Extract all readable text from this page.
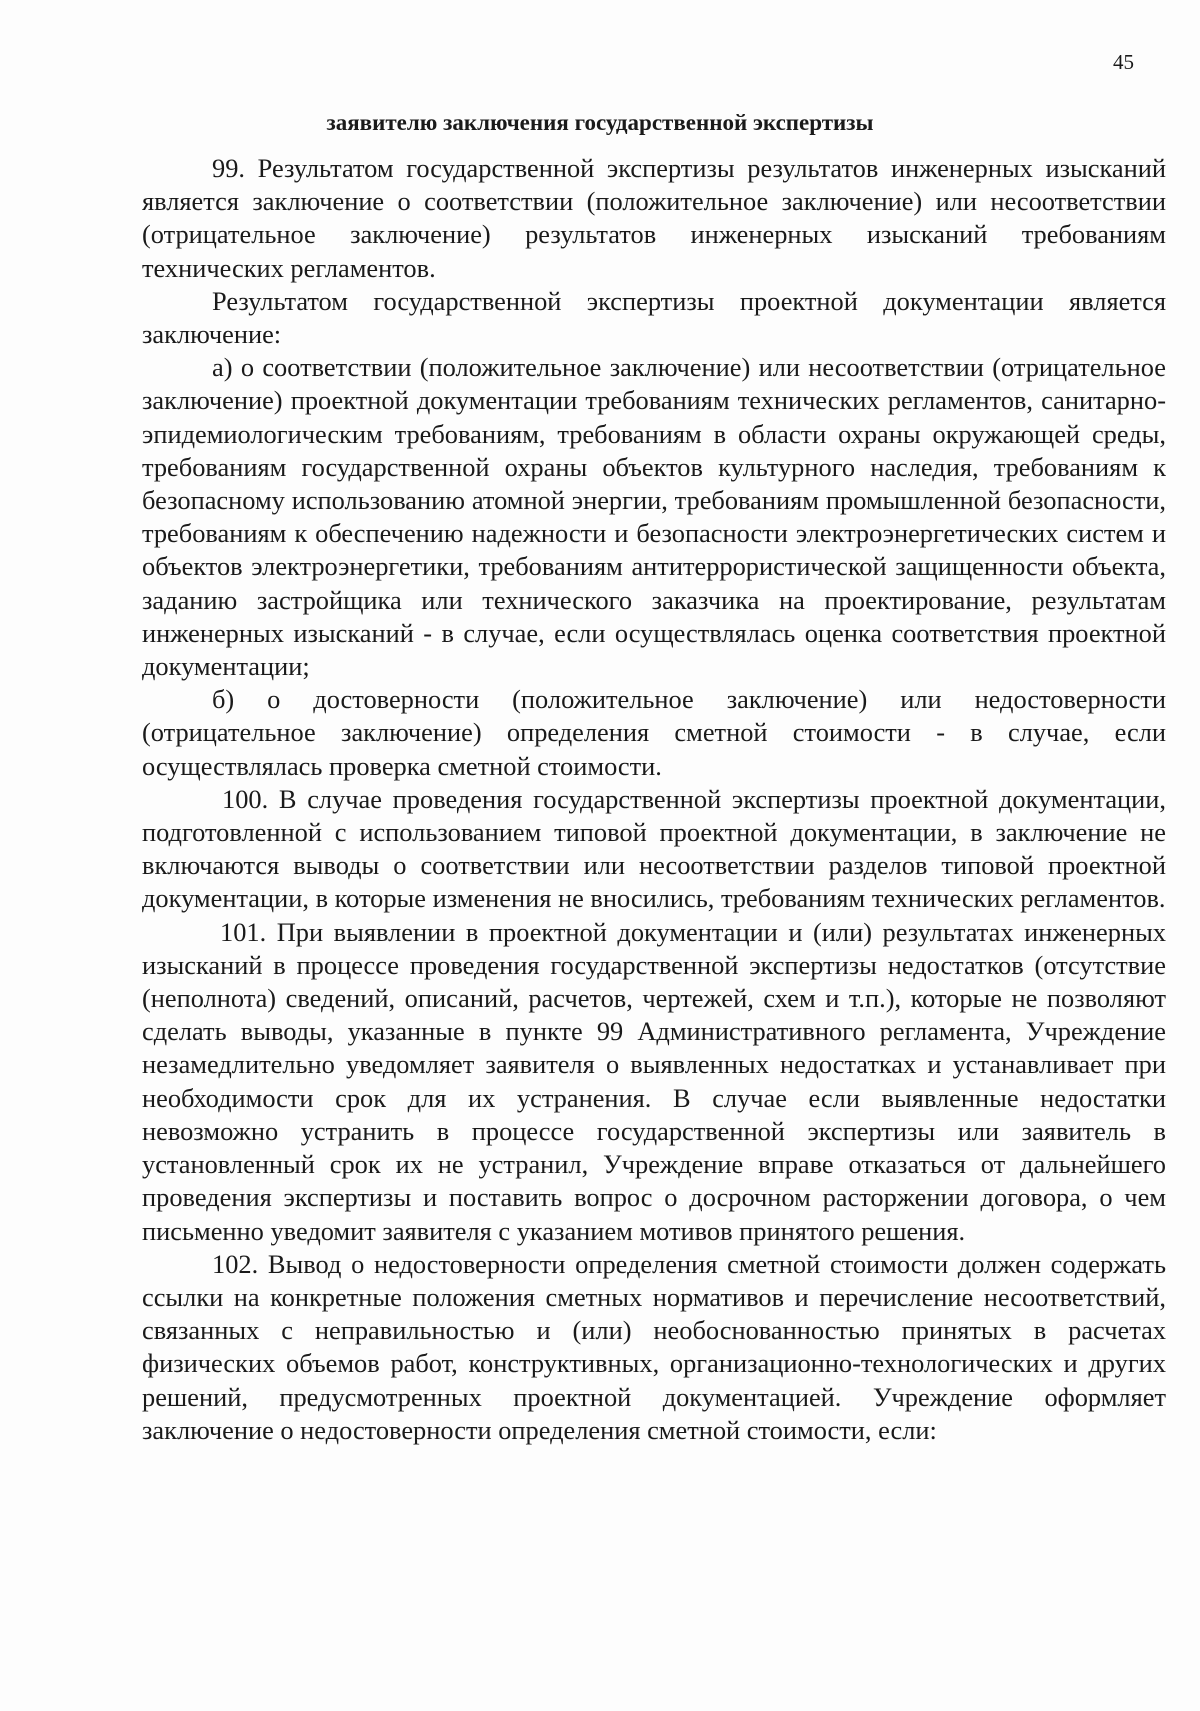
45
заявителю заключения государственной экспертизы

99. Результатом государственной экспертизы результатов инженерных изысканий является заключение о соответствии (положительное заключение) или несоответствии (отрицательное заключение) результатов инженерных изысканий требованиям технических регламентов.

Результатом государственной экспертизы проектной документации является заключение:

а) о соответствии (положительное заключение) или несоответствии (отрицательное заключение) проектной документации требованиям технических регламентов, санитарно-эпидемиологическим требованиям, требованиям в области охраны окружающей среды, требованиям государственной охраны объектов культурного наследия, требованиям к безопасному использованию атомной энергии, требованиям промышленной безопасности, требованиям к обеспечению надежности и безопасности электроэнергетических систем и объектов электроэнергетики, требованиям антитеррористической защищенности объекта, заданию застройщика или технического заказчика на проектирование, результатам инженерных изысканий - в случае, если осуществлялась оценка соответствия проектной документации;

б) о достоверности (положительное заключение) или недостоверности (отрицательное заключение) определения сметной стоимости - в случае, если осуществлялась проверка сметной стоимости.

100. В случае проведения государственной экспертизы проектной документации, подготовленной с использованием типовой проектной документации, в заключение не включаются выводы о соответствии или несоответствии разделов типовой проектной документации, в которые изменения не вносились, требованиям технических регламентов.

101. При выявлении в проектной документации и (или) результатах инженерных изысканий в процессе проведения государственной экспертизы недостатков (отсутствие (неполнота) сведений, описаний, расчетов, чертежей, схем и т.п.), которые не позволяют сделать выводы, указанные в пункте 99 Административного регламента, Учреждение незамедлительно уведомляет заявителя о выявленных недостатках и устанавливает при необходимости срок для их устранения. В случае если выявленные недостатки невозможно устранить в процессе государственной экспертизы или заявитель в установленный срок их не устранил, Учреждение вправе отказаться от дальнейшего проведения экспертизы и поставить вопрос о досрочном расторжении договора, о чем письменно уведомит заявителя с указанием мотивов принятого решения.

102. Вывод о недостоверности определения сметной стоимости должен содержать ссылки на конкретные положения сметных нормативов и перечисление несоответствий, связанных с неправильностью и (или) необоснованностью принятых в расчетах физических объемов работ, конструктивных, организационно-технологических и других решений, предусмотренных проектной документацией. Учреждение оформляет заключение о недостоверности определения сметной стоимости, если:
